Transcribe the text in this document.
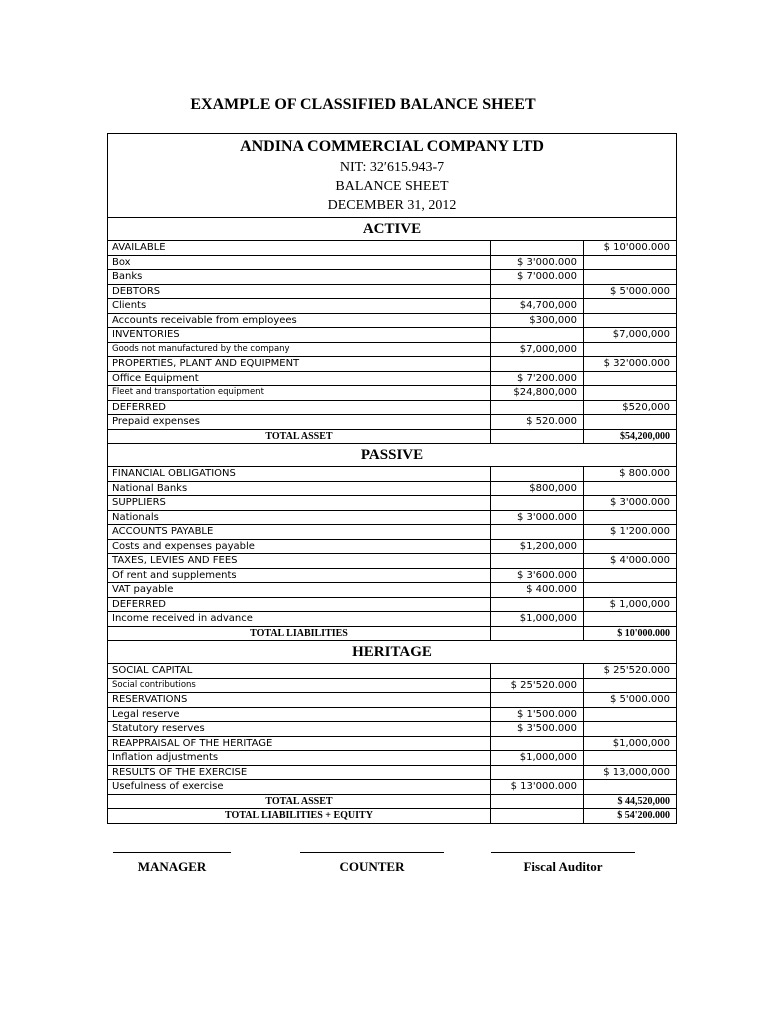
EXAMPLE OF CLASSIFIED BALANCE SHEET
ANDINA COMMERCIAL COMPANY LTD
NIT: 32′615.943-7
BALANCE SHEET
DECEMBER 31, 2012
ACTIVE
AVAILABLE		$ 10'000.000
Box	$ 3'000.000	
Banks	$ 7'000.000	
DEBTORS		$ 5'000.000
Clients	$4,700,000	
Accounts receivable from employees	$300,000	
INVENTORIES		$7,000,000
Goods not manufactured by the company	$7,000,000	
PROPERTIES, PLANT AND EQUIPMENT		$ 32'000.000
Office Equipment	$ 7'200.000	
Fleet and transportation equipment	$24,800,000	
DEFERRED		$520,000
Prepaid expenses	$ 520.000	
TOTAL ASSET		$54,200,000
PASSIVE
FINANCIAL OBLIGATIONS		$ 800.000
National Banks	$800,000	
SUPPLIERS		$ 3'000.000
Nationals	$ 3'000.000	
ACCOUNTS PAYABLE		$ 1'200.000
Costs and expenses payable	$1,200,000	
TAXES, LEVIES AND FEES		$ 4'000.000
Of rent and supplements	$ 3'600.000	
VAT payable	$ 400.000	
DEFERRED		$ 1,000,000
Income received in advance	$1,000,000	
TOTAL LIABILITIES		$ 10'000.000
HERITAGE
SOCIAL CAPITAL		$ 25'520.000
Social contributions	$ 25'520.000	
RESERVATIONS		$ 5'000.000
Legal reserve	$ 1'500.000	
Statutory reserves	$ 3'500.000	
REAPPRAISAL OF THE HERITAGE		$1,000,000
Inflation adjustments	$1,000,000	
RESULTS OF THE EXERCISE		$ 13,000,000
Usefulness of exercise	$ 13'000.000	
TOTAL ASSET		$ 44,520,000
TOTAL LIABILITIES + EQUITY		$ 54'200.000
MANAGER	COUNTER	Fiscal Auditor
